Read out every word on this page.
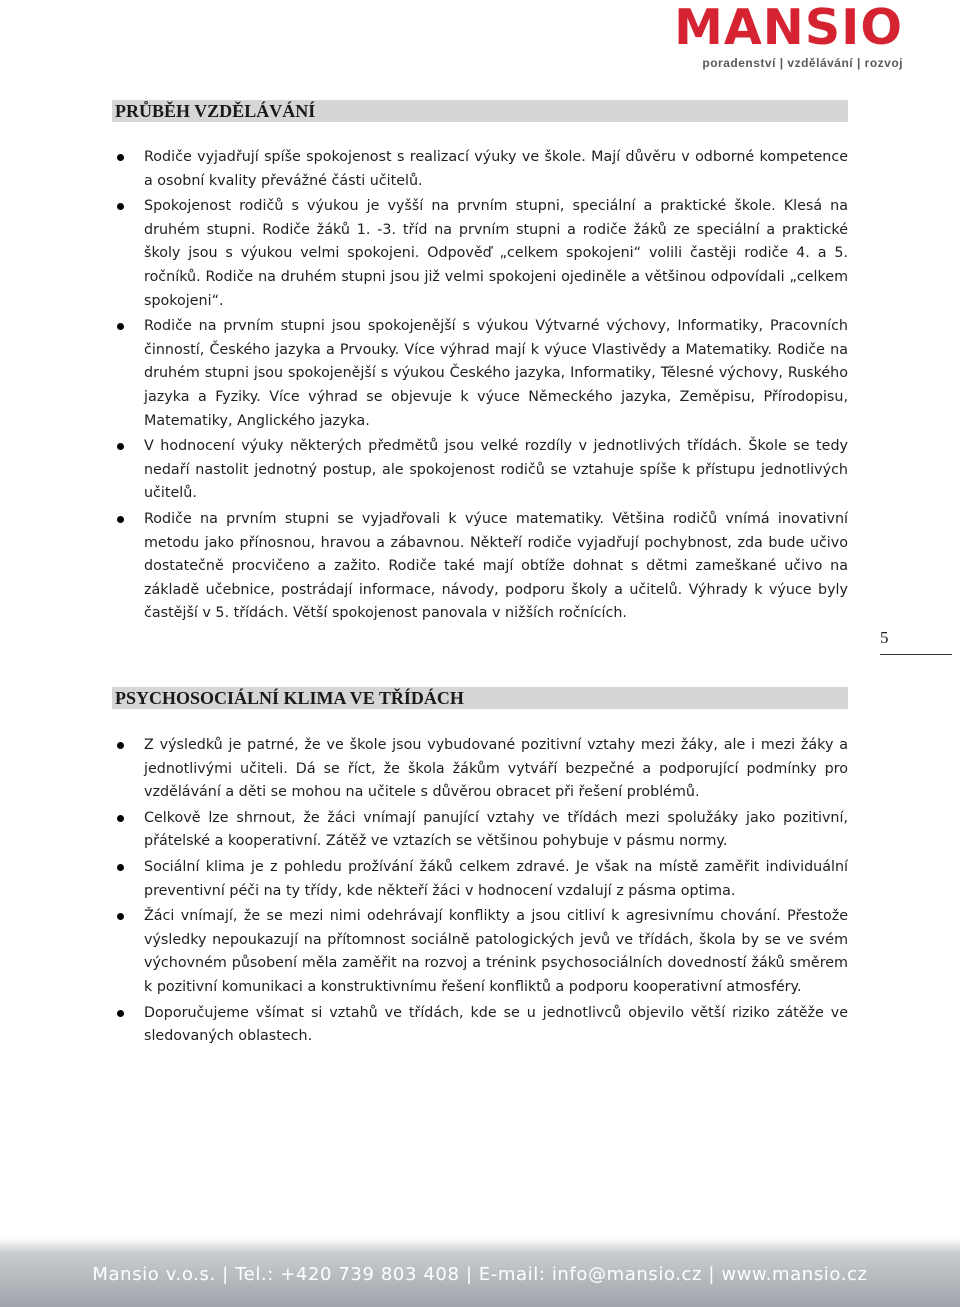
MANSIO
poradenství | vzdělávání | rozvoj
PRŮBĚH VZDĚLÁVÁNÍ
Rodiče vyjadřují spíše spokojenost s realizací výuky ve škole. Mají důvěru v odborné kompetence a osobní kvality převážné části učitelů.
Spokojenost rodičů s výukou je vyšší na prvním stupni, speciální a praktické škole. Klesá na druhém stupni. Rodiče žáků 1. -3. tříd na prvním stupni a rodiče žáků ze speciální a praktické školy jsou s výukou velmi spokojeni. Odpověď „celkem spokojeni“ volili častěji rodiče 4. a 5. ročníků. Rodiče na druhém stupni jsou již velmi spokojeni ojediněle a většinou odpovídali „celkem spokojeni“.
Rodiče na prvním stupni jsou spokojenější s výukou Výtvarné výchovy, Informatiky, Pracovních činností, Českého jazyka a Prvouky. Více výhrad mají k výuce Vlastivědy a Matematiky. Rodiče na druhém stupni jsou spokojenější s výukou Českého jazyka, Informatiky, Tělesné výchovy, Ruského jazyka a Fyziky. Více výhrad se objevuje k výuce Německého jazyka, Zeměpisu, Přírodopisu, Matematiky, Anglického jazyka.
V hodnocení výuky některých předmětů jsou velké rozdíly v jednotlivých třídách. Škole se tedy nedaří nastolit jednotný postup, ale spokojenost rodičů se vztahuje spíše k přístupu jednotlivých učitelů.
Rodiče na prvním stupni se vyjadřovali k výuce matematiky. Většina rodičů vnímá inovativní metodu jako přínosnou, hravou a zábavnou. Někteří rodiče vyjadřují pochybnost, zda bude učivo dostatečně procvičeno a zažito. Rodiče také mají obtíže dohnat s dětmi zameškané učivo na základě učebnice, postrádají informace, návody, podporu školy a učitelů. Výhrady k výuce byly častější v 5. třídách. Větší spokojenost panovala v nižších ročnících.
5
PSYCHOSOCIÁLNÍ KLIMA VE TŘÍDÁCH
Z výsledků je patrné, že ve škole jsou vybudované pozitivní vztahy mezi žáky, ale i mezi žáky a jednotlivými učiteli. Dá se říct, že škola žákům vytváří bezpečné a podporující podmínky pro vzdělávání a děti se mohou na učitele s důvěrou obracet při řešení problémů.
Celkově lze shrnout, že žáci vnímají panující vztahy ve třídách mezi spolužáky jako pozitivní, přátelské a kooperativní. Zátěž ve vztazích se většinou pohybuje v pásmu normy.
Sociální klima je z pohledu prožívání žáků celkem zdravé. Je však na místě zaměřit individuální preventivní péči na ty třídy, kde někteří žáci v hodnocení vzdalují z pásma optima.
Žáci vnímají, že se mezi nimi odehrávají konflikty a jsou citliví k agresivnímu chování. Přestože výsledky nepoukazují na přítomnost sociálně patologických jevů ve třídách, škola by se ve svém výchovném působení měla zaměřit na rozvoj a trénink psychosociálních dovedností žáků směrem k pozitivní komunikaci a konstruktivnímu řešení konfliktů a podporu kooperativní atmosféry.
Doporučujeme všímat si vztahů ve třídách, kde se u jednotlivců objevilo větší riziko zátěže ve sledovaných oblastech.
Mansio v.o.s. | Tel.: +420 739 803 408 | E-mail: info@mansio.cz | www.mansio.cz
